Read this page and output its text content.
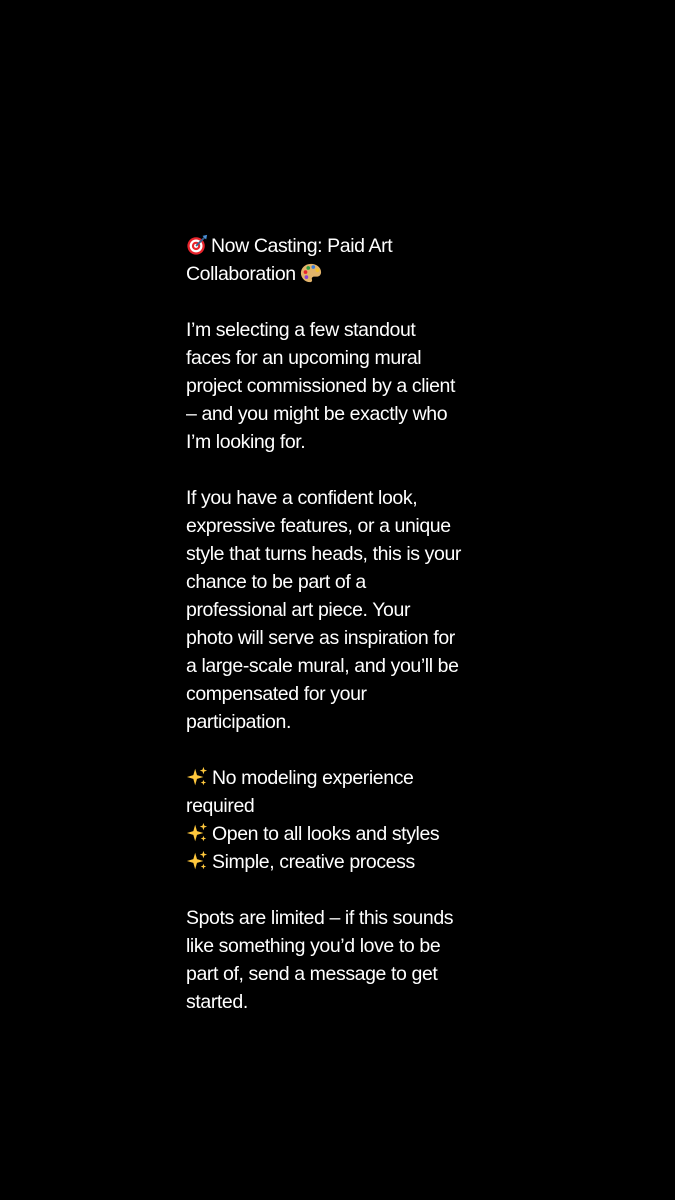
Now Casting: Paid Art Collaboration

I’m selecting a few standout faces for an upcoming mural project commissioned by a client – and you might be exactly who I’m looking for.

If you have a confident look, expressive features, or a unique style that turns heads, this is your chance to be part of a professional art piece. Your photo will serve as inspiration for a large-scale mural, and you’ll be compensated for your participation.

No modeling experience required
Open to all looks and styles
Simple, creative process

Spots are limited – if this sounds like something you’d love to be part of, send a message to get started.
